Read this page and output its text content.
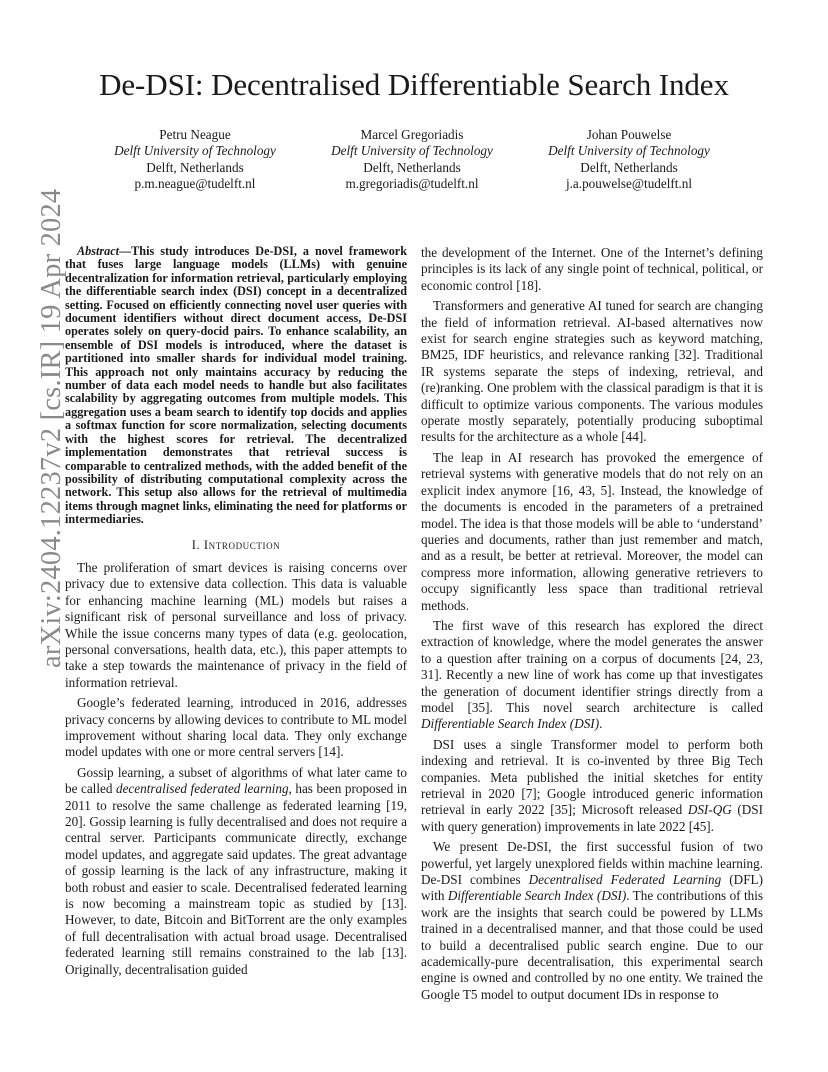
arXiv:2404.12237v2 [cs.IR] 19 Apr 2024
De-DSI: Decentralised Differentiable Search Index
Petru Neague
Delft University of Technology
Delft, Netherlands
p.m.neague@tudelft.nl
Marcel Gregoriadis
Delft University of Technology
Delft, Netherlands
m.gregoriadis@tudelft.nl
Johan Pouwelse
Delft University of Technology
Delft, Netherlands
j.a.pouwelse@tudelft.nl

Abstract—This study introduces De-DSI, a novel framework that fuses large language models (LLMs) with genuine decentralization for information retrieval, particularly employing the differentiable search index (DSI) concept in a decentralized setting. Focused on efficiently connecting novel user queries with document identifiers without direct document access, De-DSI operates solely on query-docid pairs. To enhance scalability, an ensemble of DSI models is introduced, where the dataset is partitioned into smaller shards for individual model training. This approach not only maintains accuracy by reducing the number of data each model needs to handle but also facilitates scalability by aggregating outcomes from multiple models. This aggregation uses a beam search to identify top docids and applies a softmax function for score normalization, selecting documents with the highest scores for retrieval. The decentralized implementation demonstrates that retrieval success is comparable to centralized methods, with the added benefit of the possibility of distributing computational complexity across the network. This setup also allows for the retrieval of multimedia items through magnet links, eliminating the need for platforms or intermediaries.

I. Introduction

The proliferation of smart devices is raising concerns over privacy due to extensive data collection. This data is valuable for enhancing machine learning (ML) models but raises a significant risk of personal surveillance and loss of privacy. While the issue concerns many types of data (e.g. geolocation, personal conversations, health data, etc.), this paper attempts to take a step towards the maintenance of privacy in the field of information retrieval.

Google’s federated learning, introduced in 2016, addresses privacy concerns by allowing devices to contribute to ML model improvement without sharing local data. They only exchange model updates with one or more central servers [14].

Gossip learning, a subset of algorithms of what later came to be called decentralised federated learning, has been proposed in 2011 to resolve the same challenge as federated learning [19, 20]. Gossip learning is fully decentralised and does not require a central server. Participants communicate directly, exchange model updates, and aggregate said updates. The great advantage of gossip learning is the lack of any infrastructure, making it both robust and easier to scale. Decentralised federated learning is now becoming a mainstream topic as studied by [13]. However, to date, Bitcoin and BitTorrent are the only examples of full decentralisation with actual broad usage. Decentralised federated learning still remains constrained to the lab [13]. Originally, decentralisation guided

the development of the Internet. One of the Internet’s defining principles is its lack of any single point of technical, political, or economic control [18].

Transformers and generative AI tuned for search are changing the field of information retrieval. AI-based alternatives now exist for search engine strategies such as keyword matching, BM25, IDF heuristics, and relevance ranking [32]. Traditional IR systems separate the steps of indexing, retrieval, and (re)ranking. One problem with the classical paradigm is that it is difficult to optimize various components. The various modules operate mostly separately, potentially producing suboptimal results for the architecture as a whole [44].

The leap in AI research has provoked the emergence of retrieval systems with generative models that do not rely on an explicit index anymore [16, 43, 5]. Instead, the knowledge of the documents is encoded in the parameters of a pretrained model. The idea is that those models will be able to ‘understand’ queries and documents, rather than just remember and match, and as a result, be better at retrieval. Moreover, the model can compress more information, allowing generative retrievers to occupy significantly less space than traditional retrieval methods.

The first wave of this research has explored the direct extraction of knowledge, where the model generates the answer to a question after training on a corpus of documents [24, 23, 31]. Recently a new line of work has come up that investigates the generation of document identifier strings directly from a model [35]. This novel search architecture is called Differentiable Search Index (DSI).

DSI uses a single Transformer model to perform both indexing and retrieval. It is co-invented by three Big Tech companies. Meta published the initial sketches for entity retrieval in 2020 [7]; Google introduced generic information retrieval in early 2022 [35]; Microsoft released DSI-QG (DSI with query generation) improvements in late 2022 [45].

We present De-DSI, the first successful fusion of two powerful, yet largely unexplored fields within machine learning. De-DSI combines Decentralised Federated Learning (DFL) with Differentiable Search Index (DSI). The contributions of this work are the insights that search could be powered by LLMs trained in a decentralised manner, and that those could be used to build a decentralised public search engine. Due to our academically-pure decentralisation, this experimental search engine is owned and controlled by no one entity. We trained the Google T5 model to output document IDs in response to
